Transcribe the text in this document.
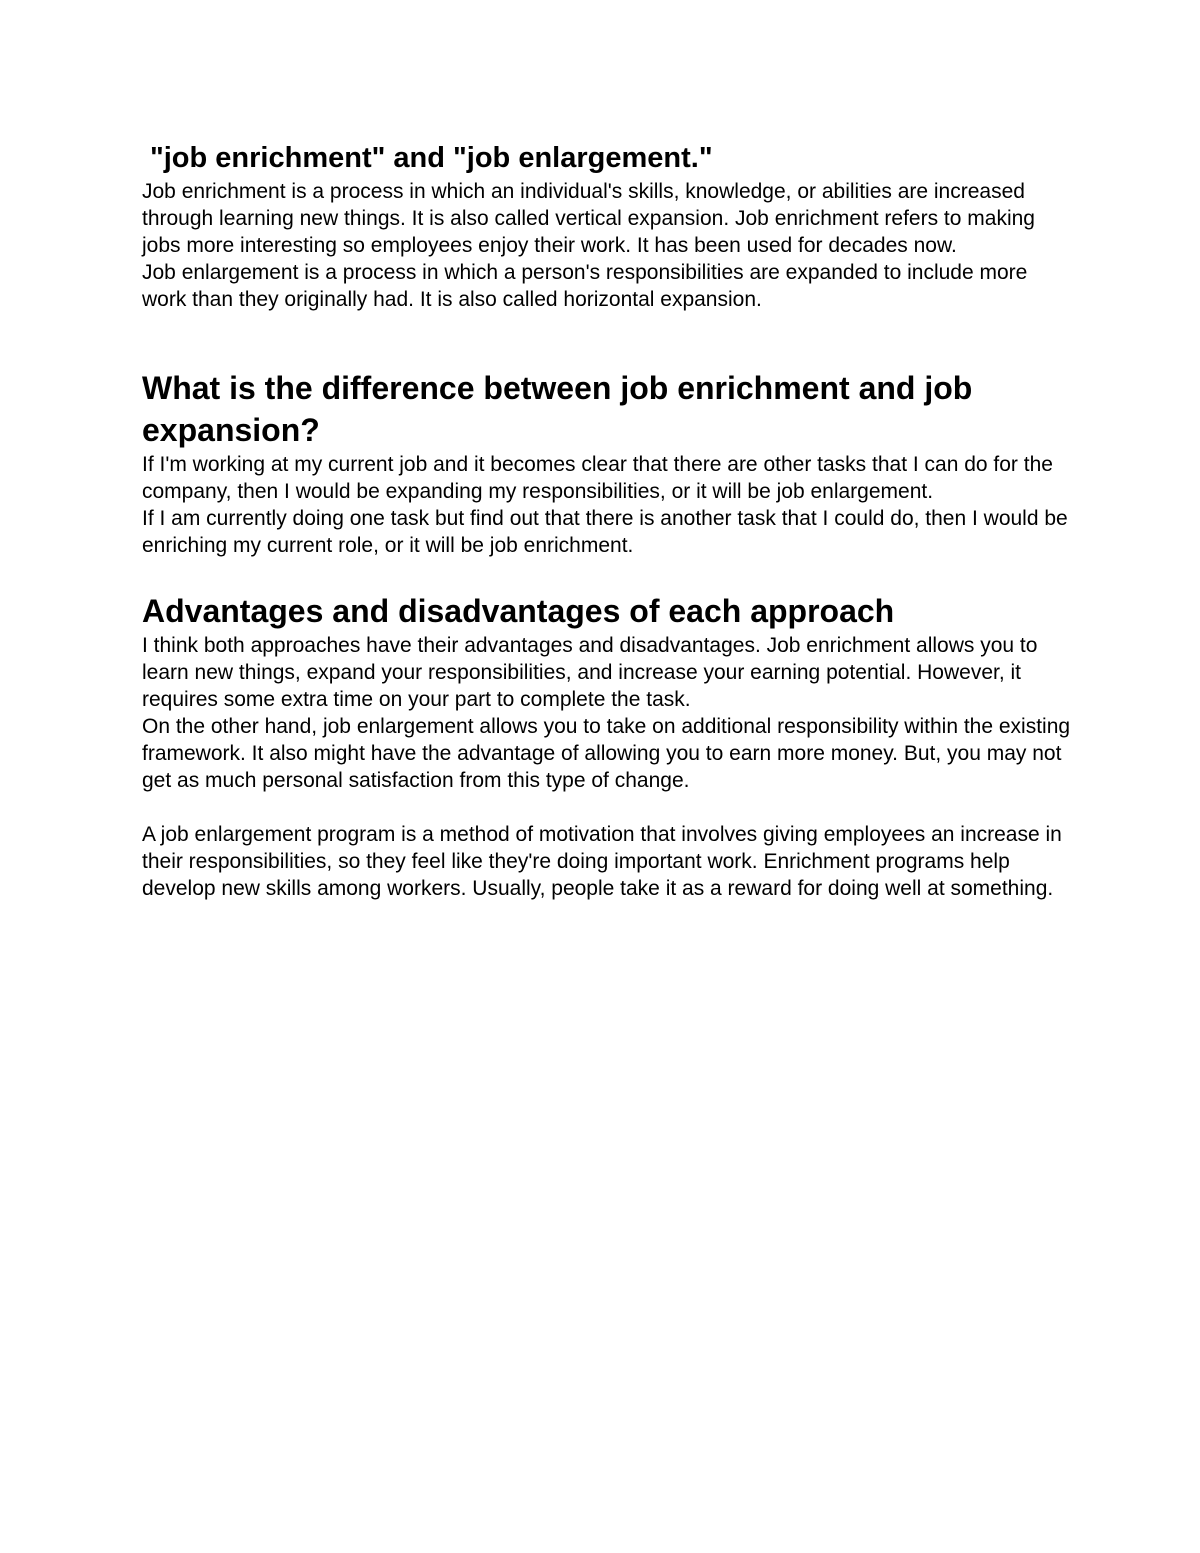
"job enrichment" and "job enlargement."

Job enrichment is a process in which an individual's skills, knowledge, or abilities are increased through learning new things. It is also called vertical expansion. Job enrichment refers to making jobs more interesting so employees enjoy their work. It has been used for decades now.

Job enlargement is a process in which a person's responsibilities are expanded to include more work than they originally had. It is also called horizontal expansion.

What is the difference between job enrichment and job expansion?

If I'm working at my current job and it becomes clear that there are other tasks that I can do for the company, then I would be expanding my responsibilities, or it will be job enlargement.

If I am currently doing one task but find out that there is another task that I could do, then I would be enriching my current role, or it will be job enrichment.

Advantages and disadvantages of each approach

I think both approaches have their advantages and disadvantages. Job enrichment allows you to learn new things, expand your responsibilities, and increase your earning potential. However, it requires some extra time on your part to complete the task.

On the other hand, job enlargement allows you to take on additional responsibility within the existing framework. It also might have the advantage of allowing you to earn more money. But, you may not get as much personal satisfaction from this type of change.

A job enlargement program is a method of motivation that involves giving employees an increase in their responsibilities, so they feel like they're doing important work. Enrichment programs help develop new skills among workers. Usually, people take it as a reward for doing well at something.
